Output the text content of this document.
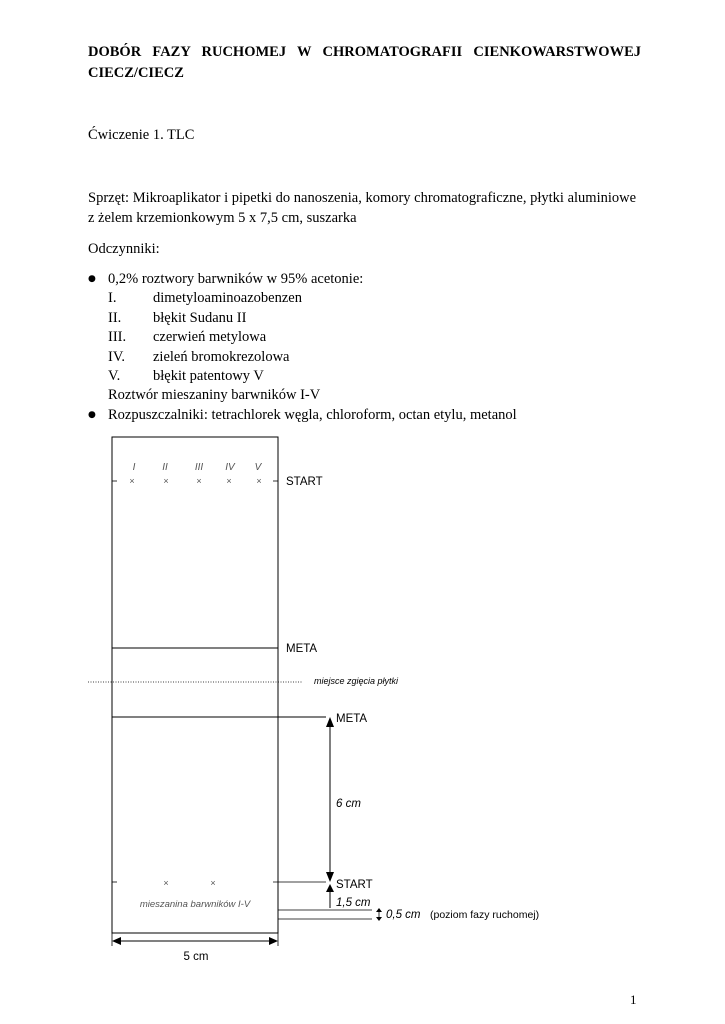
DOBÓR FAZY RUCHOMEJ W CHROMATOGRAFII CIENKOWARSTWOWEJ
CIECZ/CIECZ
Ćwiczenie 1. TLC
Sprzęt: Mikroaplikator i pipetki do nanoszenia, komory chromatograficzne, płytki aluminiowe
z żelem krzemionkowym 5 x 7,5 cm, suszarka
Odczynniki:
● 0,2% roztwory barwników w 95% acetonie:
I.	dimetyloaminoazobenzen
II. błękit Sudanu II
III. czerwień metylowa
IV. zieleń bromokrezolowa
V. błękit patentowy V
Roztwór mieszaniny barwników I-V
● Rozpuszczalniki: tetrachlorek węgla, chloroform, octan etylu, metanol
I	II	III IV V
×	×	×	×	× START
META
miejsce zgięcia płytki
META
6 cm
×	×	START
1,5 cm
mieszanina barwników I-V
0,5 cm (poziom fazy ruchomej)
5 cm
1
